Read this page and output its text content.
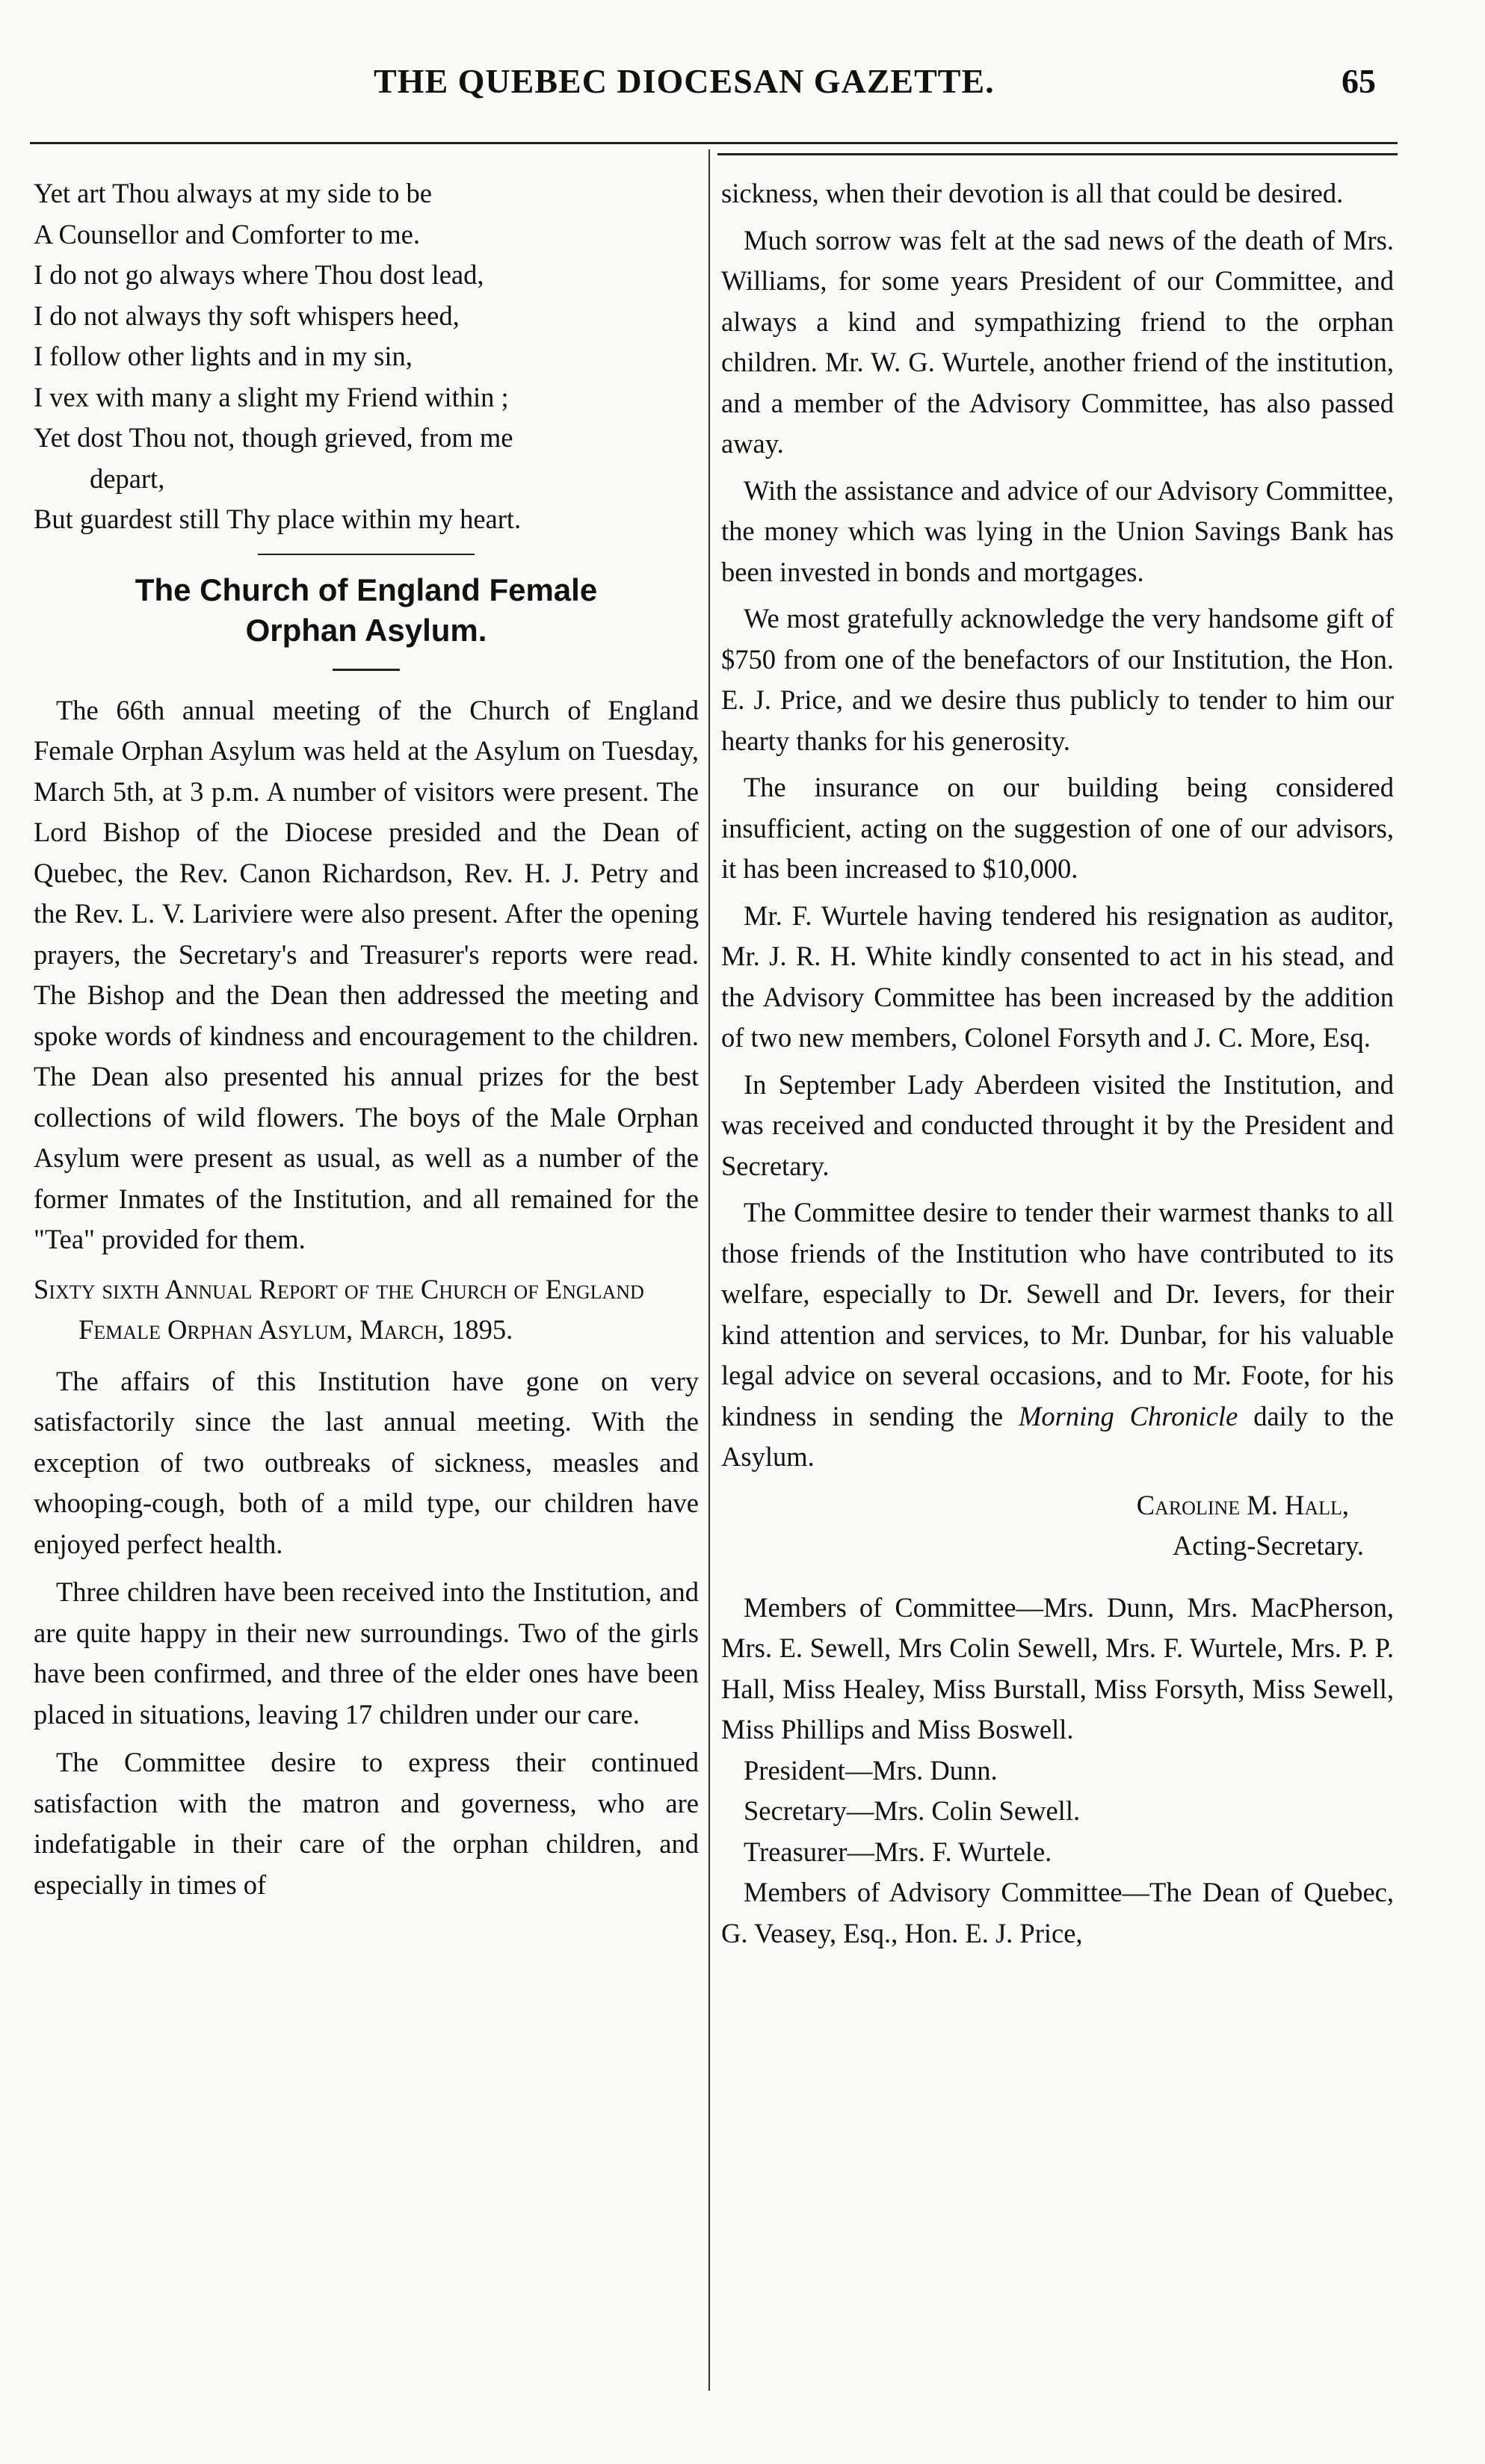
THE QUEBEC DIOCESAN GAZETTE.	65
Yet art Thou always at my side to be
A Counsellor and Comforter to me.
I do not go always where Thou dost lead,
I do not always thy soft whispers heed,
I follow other lights and in my sin,
I vex with many a slight my Friend within ;
Yet dost Thou not, though grieved, from me
depart,
But guardest still Thy place within my heart.
The Church of England Female
Orphan Asylum.

The 66th annual meeting of the Church of England Female Orphan Asylum was held at the Asylum on Tuesday, March 5th, at 3 p.m. A number of visitors were present. The Lord Bishop of the Diocese presided and the Dean of Quebec, the Rev. Canon Richardson, Rev. H. J. Petry and the Rev. L. V. Lariviere were also present. After the opening prayers, the Secretary's and Treasurer's reports were read. The Bishop and the Dean then addressed the meeting and spoke words of kindness and encouragement to the children. The Dean also presented his annual prizes for the best collections of wild flowers. The boys of the Male Orphan Asylum were present as usual, as well as a number of the former Inmates of the Institution, and all remained for the "Tea" provided for them.

Sixty sixth Annual Report of the Church of England Female Orphan Asylum, March, 1895.

The affairs of this Institution have gone on very satisfactorily since the last annual meeting. With the exception of two outbreaks of sickness, measles and whooping-cough, both of a mild type, our children have enjoyed perfect health.

Three children have been received into the Institution, and are quite happy in their new surroundings. Two of the girls have been confirmed, and three of the elder ones have been placed in situations, leaving 17 children under our care.

The Committee desire to express their continued satisfaction with the matron and governess, who are indefatigable in their care of the orphan children, and especially in times of

sickness, when their devotion is all that could be desired.

Much sorrow was felt at the sad news of the death of Mrs. Williams, for some years President of our Committee, and always a kind and sympathizing friend to the orphan children. Mr. W. G. Wurtele, another friend of the institution, and a member of the Advisory Committee, has also passed away.

With the assistance and advice of our Advisory Committee, the money which was lying in the Union Savings Bank has been invested in bonds and mortgages.

We most gratefully acknowledge the very handsome gift of $750 from one of the benefactors of our Institution, the Hon. E. J. Price, and we desire thus publicly to tender to him our hearty thanks for his generosity.

The insurance on our building being considered insufficient, acting on the suggestion of one of our advisors, it has been increased to $10,000.

Mr. F. Wurtele having tendered his resignation as auditor, Mr. J. R. H. White kindly consented to act in his stead, and the Advisory Committee has been increased by the addition of two new members, Colonel Forsyth and J. C. More, Esq.

In September Lady Aberdeen visited the Institution, and was received and conducted throught it by the President and Secretary.

The Committee desire to tender their warmest thanks to all those friends of the Institution who have contributed to its welfare, especially to Dr. Sewell and Dr. Ievers, for their kind attention and services, to Mr. Dunbar, for his valuable legal advice on several occasions, and to Mr. Foote, for his kindness in sending the Morning Chronicle daily to the Asylum.

Caroline M. Hall,
Acting-Secretary.

Members of Committee—Mrs. Dunn, Mrs. MacPherson, Mrs. E. Sewell, Mrs Colin Sewell, Mrs. F. Wurtele, Mrs. P. P. Hall, Miss Healey, Miss Burstall, Miss Forsyth, Miss Sewell, Miss Phillips and Miss Boswell.

President—Mrs. Dunn.
Secretary—Mrs. Colin Sewell.
Treasurer—Mrs. F. Wurtele.

Members of Advisory Committee—The Dean of Quebec, G. Veasey, Esq., Hon. E. J. Price,
